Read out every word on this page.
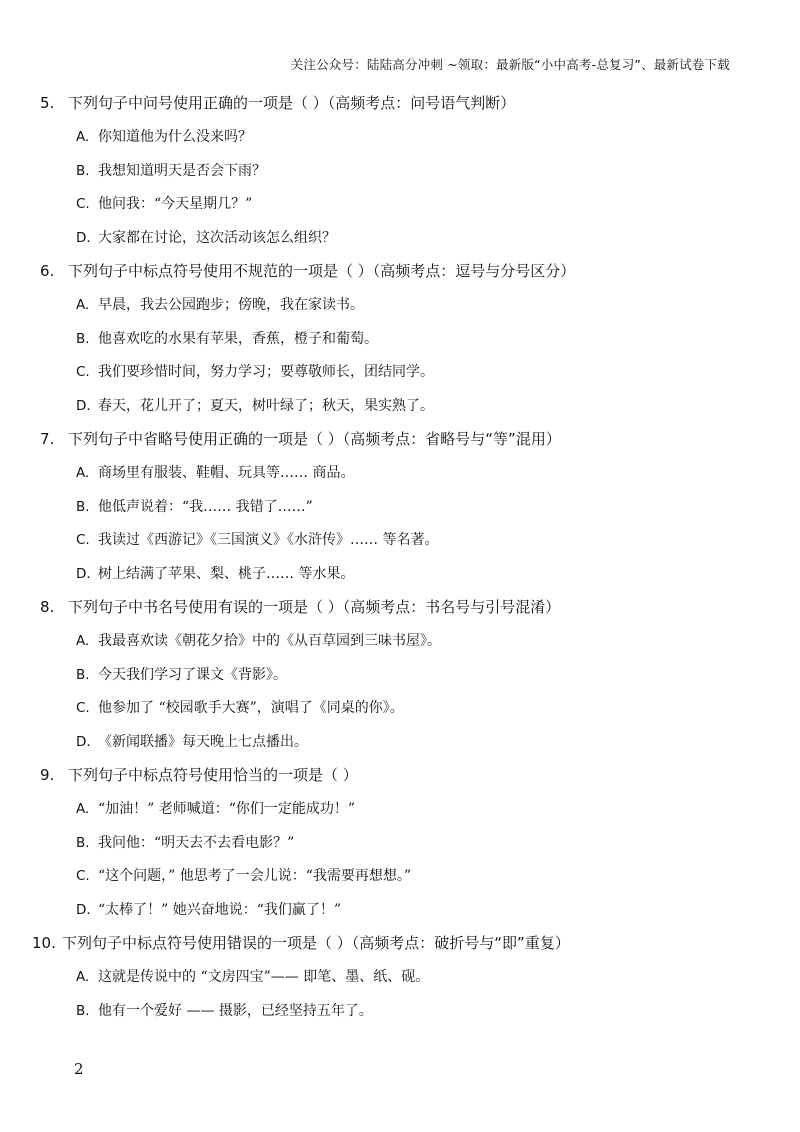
关注公众号：陆陆高分冲刺 ~领取：最新版“小中高考-总复习”、最新试卷下载
5. 下列句子中问号使用正确的一项是（ ）（高频考点：问号语气判断）
A. 你知道他为什么没来吗？
B. 我想知道明天是否会下雨？
C. 他问我：“今天星期几？”
D. 大家都在讨论，这次活动该怎么组织？
6. 下列句子中标点符号使用不规范的一项是（ ）（高频考点：逗号与分号区分）
A. 早晨，我去公园跑步；傍晚，我在家读书。
B. 他喜欢吃的水果有苹果，香蕉，橙子和葡萄。
C. 我们要珍惜时间，努力学习；要尊敬师长，团结同学。
D. 春天，花儿开了；夏天，树叶绿了；秋天，果实熟了。
7. 下列句子中省略号使用正确的一项是（ ）（高频考点：省略号与“等”混用）
A. 商场里有服装、鞋帽、玩具等…… 商品。
B. 他低声说着：“我…… 我错了……”
C. 我读过《西游记》《三国演义》《水浒传》…… 等名著。
D. 树上结满了苹果、梨、桃子…… 等水果。
8. 下列句子中书名号使用有误的一项是（ ）（高频考点：书名号与引号混淆）
A. 我最喜欢读《朝花夕拾》中的《从百草园到三味书屋》。
B. 今天我们学习了课文《背影》。
C. 他参加了 “校园歌手大赛”，演唱了《同桌的你》。
D. 《新闻联播》每天晚上七点播出。
9. 下列句子中标点符号使用恰当的一项是（ ）
A. “加油！” 老师喊道：“你们一定能成功！”
B. 我问他：“明天去不去看电影？”
C. “这个问题，” 他思考了一会儿说：“我需要再想想。”
D. “太棒了！” 她兴奋地说：“我们赢了！”
10. 下列句子中标点符号使用错误的一项是（ ）（高频考点：破折号与“即”重复）
A. 这就是传说中的 “文房四宝”—— 即笔、墨、纸、砚。
B. 他有一个爱好 —— 摄影，已经坚持五年了。
2
